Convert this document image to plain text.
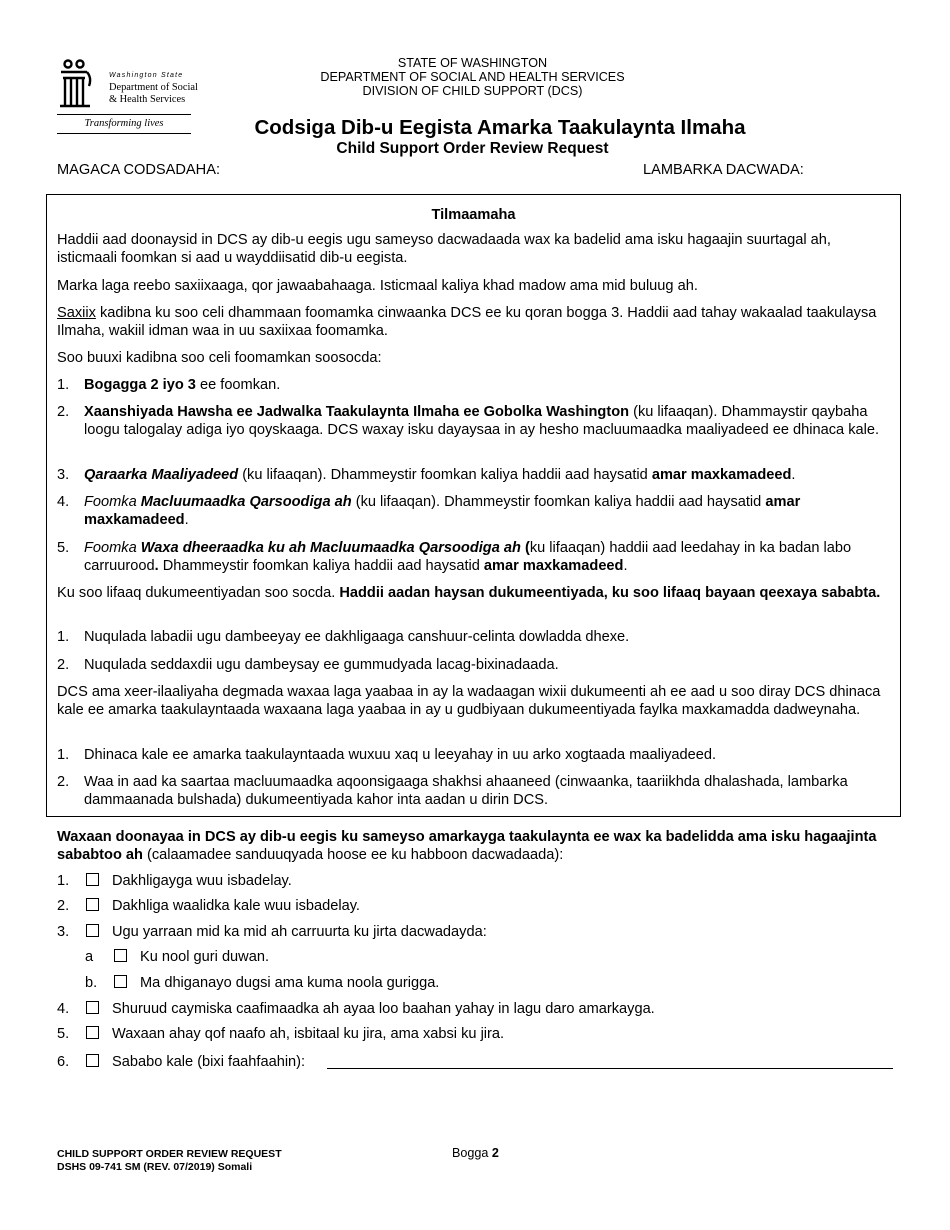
Washington State
Department of Social
& Health Services
Transforming lives
STATE OF WASHINGTON
DEPARTMENT OF SOCIAL AND HEALTH SERVICES
DIVISION OF CHILD SUPPORT (DCS)
Codsiga Dib-u Eegista Amarka Taakulaynta Ilmaha
Child Support Order Review Request
MAGACA CODSADAHA:	LAMBARKA DACWADA:
Tilmaamaha

Haddii aad doonaysid in DCS ay dib-u eegis ugu sameyso dacwadaada wax ka badelid ama isku hagaajin suurtagal ah, isticmaali foomkan si aad u wayddiisatid dib-u eegista.

Marka laga reebo saxiixaaga, qor jawaabahaaga. Isticmaal kaliya khad madow ama mid buluug ah.

Saxiix kadibna ku soo celi dhammaan foomamka cinwaanka DCS ee ku qoran bogga 3. Haddii aad tahay wakaalad taakulaysa Ilmaha, wakiil idman waa in uu saxiixaa foomamka.

Soo buuxi kadibna soo celi foomamkan soosocda:

1. Bogagga 2 iyo 3 ee foomkan.

2. Xaanshiyada Hawsha ee Jadwalka Taakulaynta Ilmaha ee Gobolka Washington (ku lifaaqan). Dhammaystir qaybaha loogu talogalay adiga iyo qoyskaaga. DCS waxay isku dayaysaa in ay hesho macluumaadka maaliyadeed ee dhinaca kale.

3. Qaraarka Maaliyadeed (ku lifaaqan). Dhammeystir foomkan kaliya haddii aad haysatid amar maxkamadeed.

4. Foomka Macluumaadka Qarsoodiga ah (ku lifaaqan). Dhammeystir foomkan kaliya haddii aad haysatid amar maxkamadeed.

5. Foomka Waxa dheeraadka ku ah Macluumaadka Qarsoodiga ah (ku lifaaqan) haddii aad leedahay in ka badan labo carruurood. Dhammeystir foomkan kaliya haddii aad haysatid amar maxkamadeed.

Ku soo lifaaq dukumeentiyadan soo socda. Haddii aadan haysan dukumeentiyada, ku soo lifaaq bayaan qeexaya sababta.

1. Nuqulada labadii ugu dambeeyay ee dakhligaaga canshuur-celinta dowladda dhexe.

2. Nuqulada seddaxdii ugu dambeysay ee gummudyada lacag-bixinadaada.

DCS ama xeer-ilaaliyaha degmada waxaa laga yaabaa in ay la wadaagan wixii dukumeenti ah ee aad u soo diray DCS dhinaca kale ee amarka taakulayntaada waxaana laga yaabaa in ay u gudbiyaan dukumeentiyada faylka maxkamadda dadweynaha.

1. Dhinaca kale ee amarka taakulayntaada wuxuu xaq u leeyahay in uu arko xogtaada maaliyadeed.

2. Waa in aad ka saartaa macluumaadka aqoonsigaaga shakhsi ahaaneed (cinwaanka, taariikhda dhalashada, lambarka dammaanada bulshada) dukumeentiyada kahor inta aadan u dirin DCS.

Waxaan doonayaa in DCS ay dib-u eegis ku sameyso amarkayga taakulaynta ee wax ka badelidda ama isku hagaajinta sababtoo ah (calaamadee sanduuqyada hoose ee ku habboon dacwadaada):

1.	Dakhligayga wuu isbadelay.
2.	Dakhliga waalidka kale wuu isbadelay.
3.	Ugu yarraan mid ka mid ah carruurta ku jirta dacwadayda:
a	Ku nool guri duwan.
b.	Ma dhiganayo dugsi ama kuma noola gurigga.
4.	Shuruud caymiska caafimaadka ah ayaa loo baahan yahay in lagu daro amarkayga.
5.	Waxaan ahay qof naafo ah, isbitaal ku jira, ama xabsi ku jira.
6.	Sababo kale (bixi faahfaahin):
CHILD SUPPORT ORDER REVIEW REQUEST
DSHS 09-741 SM (REV. 07/2019) Somali
Bogga 2
